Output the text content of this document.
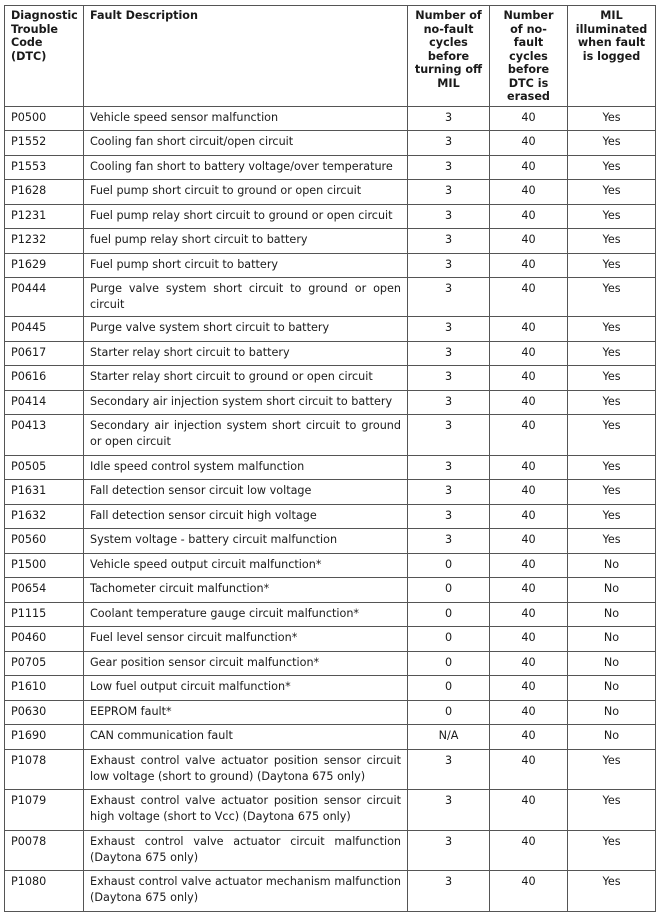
Diagnostic Trouble Code (DTC)	Fault Description	Number of no-fault cycles before turning off MIL	Number of no-fault cycles before DTC is erased	MIL illuminated when fault is logged
P0500	Vehicle speed sensor malfunction	3	40	Yes
P1552	Cooling fan short circuit/open circuit	3	40	Yes
P1553	Cooling fan short to battery voltage/over temperature	3	40	Yes
P1628	Fuel pump short circuit to ground or open circuit	3	40	Yes
P1231	Fuel pump relay short circuit to ground or open circuit	3	40	Yes
P1232	fuel pump relay short circuit to battery	3	40	Yes
P1629	Fuel pump short circuit to battery	3	40	Yes
P0444	Purge valve system short circuit to ground or open circuit	3	40	Yes
P0445	Purge valve system short circuit to battery	3	40	Yes
P0617	Starter relay short circuit to battery	3	40	Yes
P0616	Starter relay short circuit to ground or open circuit	3	40	Yes
P0414	Secondary air injection system short circuit to battery	3	40	Yes
P0413	Secondary air injection system short circuit to ground or open circuit	3	40	Yes
P0505	Idle speed control system malfunction	3	40	Yes
P1631	Fall detection sensor circuit low voltage	3	40	Yes
P1632	Fall detection sensor circuit high voltage	3	40	Yes
P0560	System voltage - battery circuit malfunction	3	40	Yes
P1500	Vehicle speed output circuit malfunction*	0	40	No
P0654	Tachometer circuit malfunction*	0	40	No
P1115	Coolant temperature gauge circuit malfunction*	0	40	No
P0460	Fuel level sensor circuit malfunction*	0	40	No
P0705	Gear position sensor circuit malfunction*	0	40	No
P1610	Low fuel output circuit malfunction*	0	40	No
P0630	EEPROM fault*	0	40	No
P1690	CAN communication fault	N/A	40	No
P1078	Exhaust control valve actuator position sensor circuit low voltage (short to ground) (Daytona 675 only)	3	40	Yes
P1079	Exhaust control valve actuator position sensor circuit high voltage (short to Vcc) (Daytona 675 only)	3	40	Yes
P0078	Exhaust control valve actuator circuit malfunction (Daytona 675 only)	3	40	Yes
P1080	Exhaust control valve actuator mechanism malfunction (Daytona 675 only)	3	40	Yes
